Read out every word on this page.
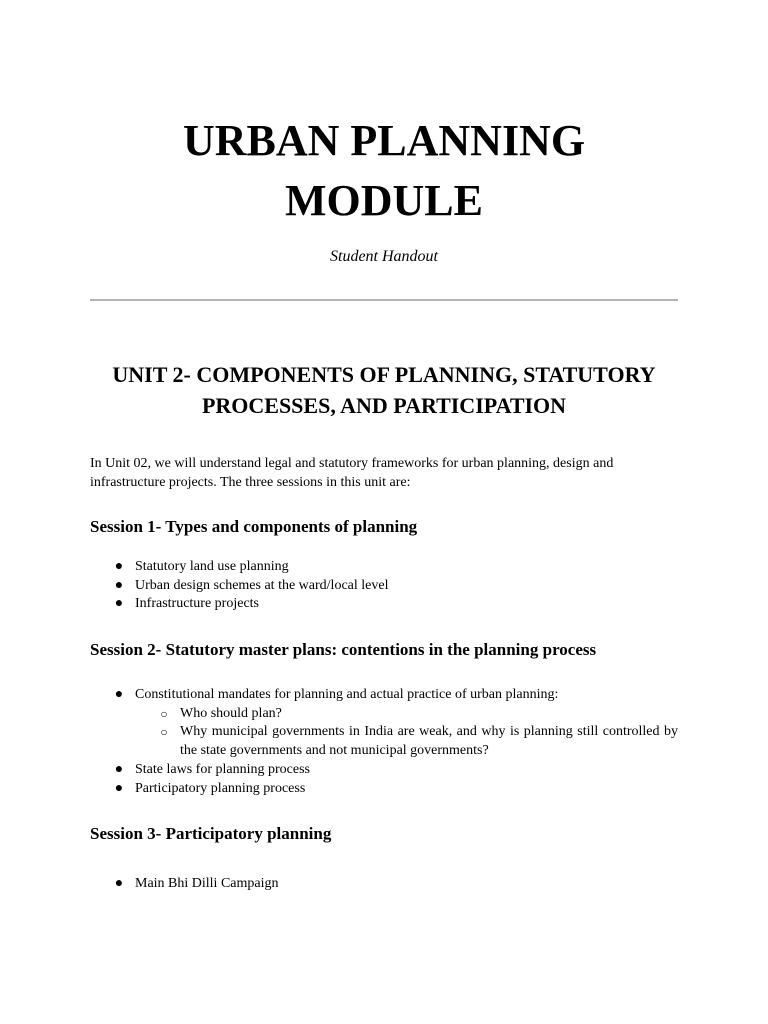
URBAN PLANNING MODULE

Student Handout

UNIT 2- COMPONENTS OF PLANNING, STATUTORY PROCESSES, AND PARTICIPATION

In Unit 02, we will understand legal and statutory frameworks for urban planning, design and infrastructure projects. The three sessions in this unit are:

Session 1- Types and components of planning
● Statutory land use planning
● Urban design schemes at the ward/local level
● Infrastructure projects
Session 2- Statutory master plans: contentions in the planning process
● Constitutional mandates for planning and actual practice of urban planning:
○ Who should plan?
○ Why municipal governments in India are weak, and why is planning still controlled by the state governments and not municipal governments?
● State laws for planning process
● Participatory planning process
Session 3- Participatory planning
● Main Bhi Dilli Campaign
